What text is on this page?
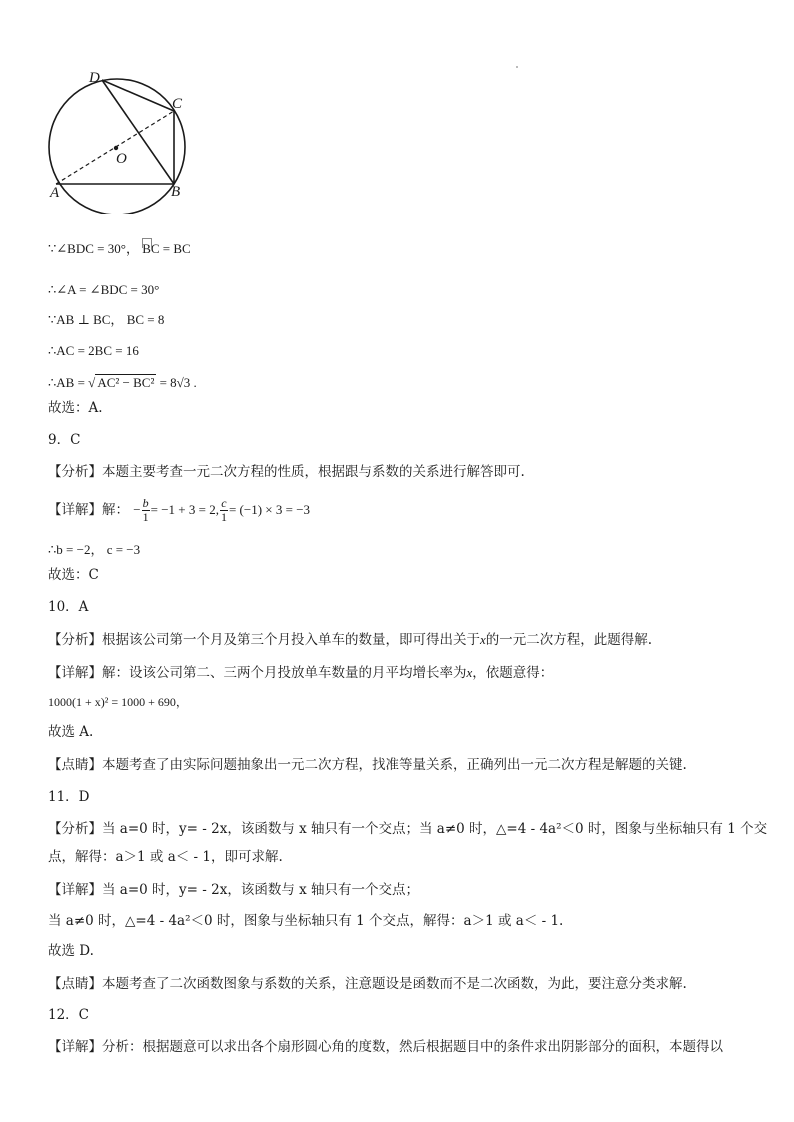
D
C
O
A	B
∵∠BDC = 30°， BC = BC
∴∠A = ∠BDC = 30°
∵AB ⊥ BC， BC = 8
∴AC = 2BC = 16
∴AB = √ AC² − BC² = 8√3 .
故选：A.
9．C
【分析】本题主要考查一元二次方程的性质，根据跟与系数的关系进行解答即可.
【详解】解： − $\frac{b}{1} = -1 + 3 = 2$, $\frac{c}{1} = (-1) \times 3 = -3$
∴b = −2， c = −3
故选：C
10．A
【分析】根据该公司第一个月及第三个月投入单车的数量，即可得出关于x的一元二次方程，此题得解.
【详解】解：设该公司第二、三两个月投放单车数量的月平均增长率为x，依题意得：
1000(1 + x)² = 1000 + 690，
故选 A.
【点睛】本题考查了由实际问题抽象出一元二次方程，找准等量关系，正确列出一元二次方程是解题的关键.
11．D
【分析】当 a=0 时，y= - 2x，该函数与 x 轴只有一个交点；当 a≠0 时，△=4 - 4a²＜0 时，图象与坐标轴只有 1 个交
点，解得：a＞1 或 a＜ - 1，即可求解.
【详解】当 a=0 时，y= - 2x，该函数与 x 轴只有一个交点；
当 a≠0 时，△=4 - 4a²＜0 时，图象与坐标轴只有 1 个交点，解得：a＞1 或 a＜ - 1.
故选 D.
【点睛】本题考查了二次函数图象与系数的关系，注意题设是函数而不是二次函数，为此，要注意分类求解.
12．C
【详解】分析：根据题意可以求出各个扇形圆心角的度数，然后根据题目中的条件求出阴影部分的面积，本题得以
